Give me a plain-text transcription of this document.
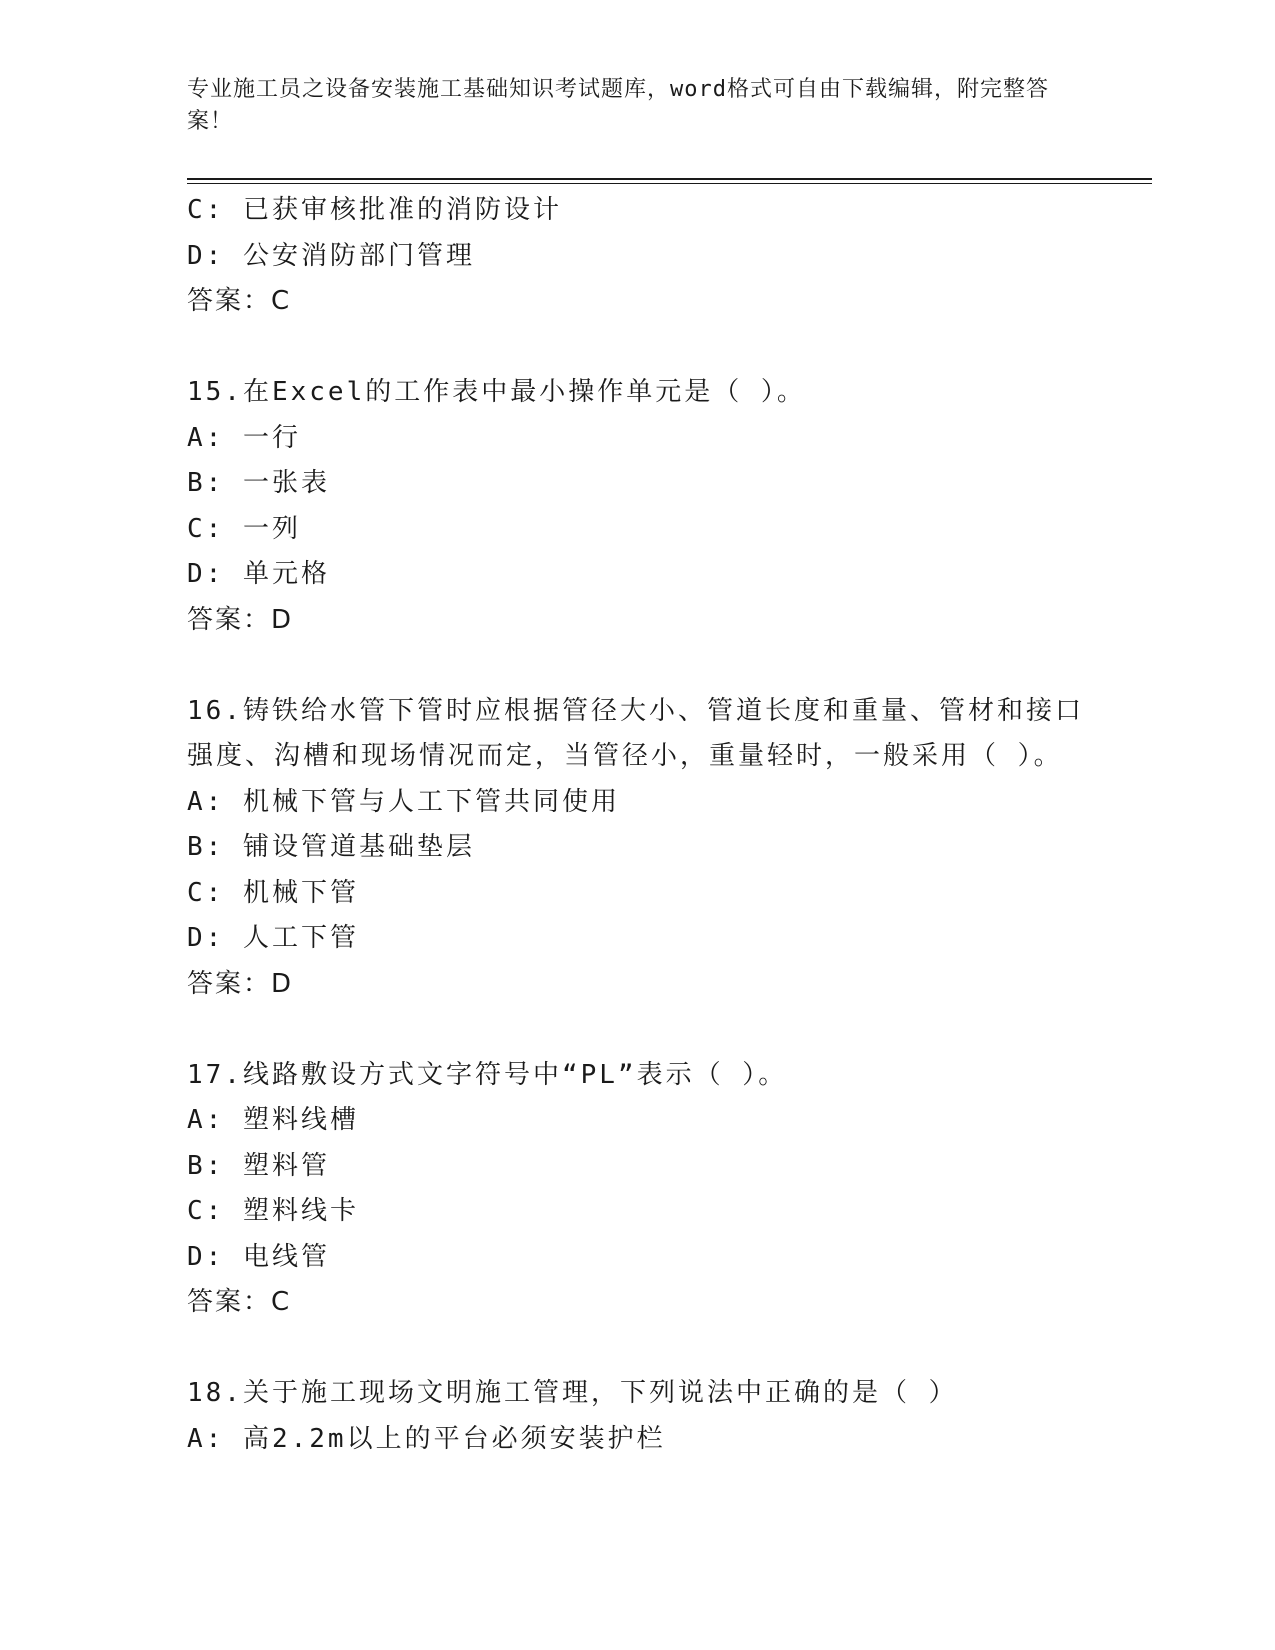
专业施工员之设备安装施工基础知识考试题库，word格式可自由下载编辑，附完整答案！
C: 已获审核批准的消防设计
D: 公安消防部门管理
答案：C
15.在Excel的工作表中最小操作单元是（ ）。
A: 一行
B: 一张表
C: 一列
D: 单元格
答案：D
16.铸铁给水管下管时应根据管径大小、管道长度和重量、管材和接口
强度、沟槽和现场情况而定，当管径小，重量轻时，一般采用（ ）。
A: 机械下管与人工下管共同使用
B: 铺设管道基础垫层
C: 机械下管
D: 人工下管
答案：D
17.线路敷设方式文字符号中“PL”表示（ ）。
A: 塑料线槽
B: 塑料管
C: 塑料线卡
D: 电线管
答案：C
18.关于施工现场文明施工管理，下列说法中正确的是（ ）
A: 高2.2m以上的平台必须安装护栏
